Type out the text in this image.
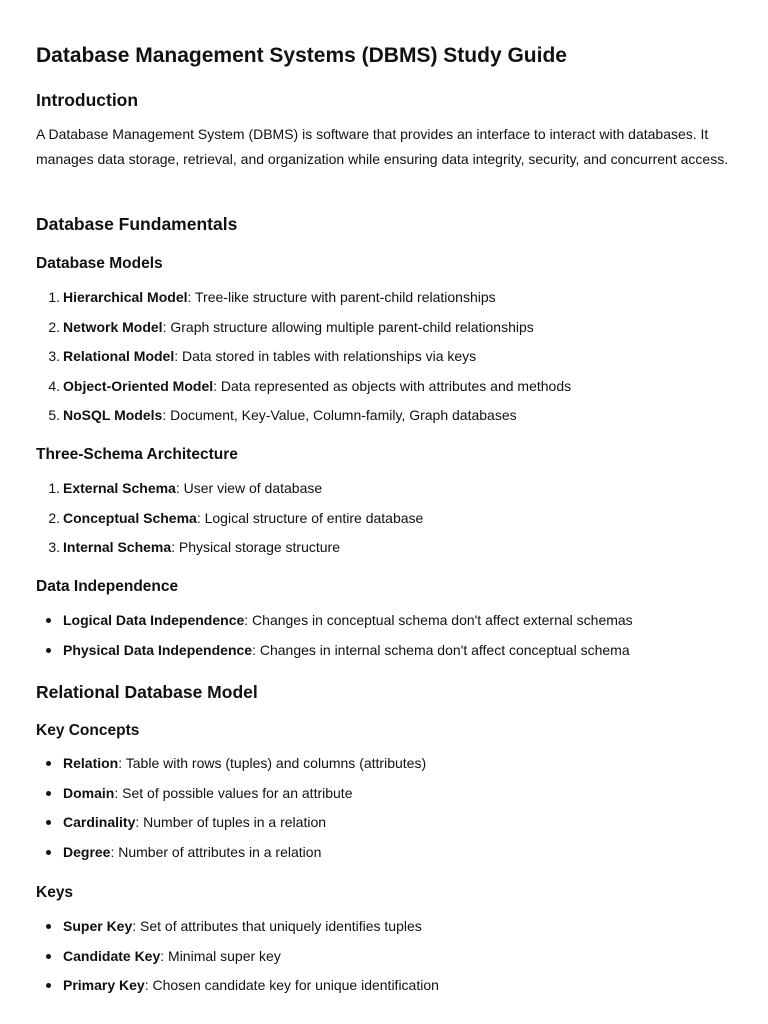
Database Management Systems (DBMS) Study Guide
Introduction

A Database Management System (DBMS) is software that provides an interface to interact with databases. It manages data storage, retrieval, and organization while ensuring data integrity, security, and concurrent access.

Database Fundamentals
Database Models
1. Hierarchical Model: Tree-like structure with parent-child relationships
2. Network Model: Graph structure allowing multiple parent-child relationships
3. Relational Model: Data stored in tables with relationships via keys
4. Object-Oriented Model: Data represented as objects with attributes and methods
5. NoSQL Models: Document, Key-Value, Column-family, Graph databases
Three-Schema Architecture
1. External Schema: User view of database
2. Conceptual Schema: Logical structure of entire database
3. Internal Schema: Physical storage structure
Data Independence
Logical Data Independence: Changes in conceptual schema don't affect external schemas
Physical Data Independence: Changes in internal schema don't affect conceptual schema
Relational Database Model
Key Concepts
Relation: Table with rows (tuples) and columns (attributes)
Domain: Set of possible values for an attribute
Cardinality: Number of tuples in a relation
Degree: Number of attributes in a relation
Keys
Super Key: Set of attributes that uniquely identifies tuples
Candidate Key: Minimal super key
Primary Key: Chosen candidate key for unique identification
